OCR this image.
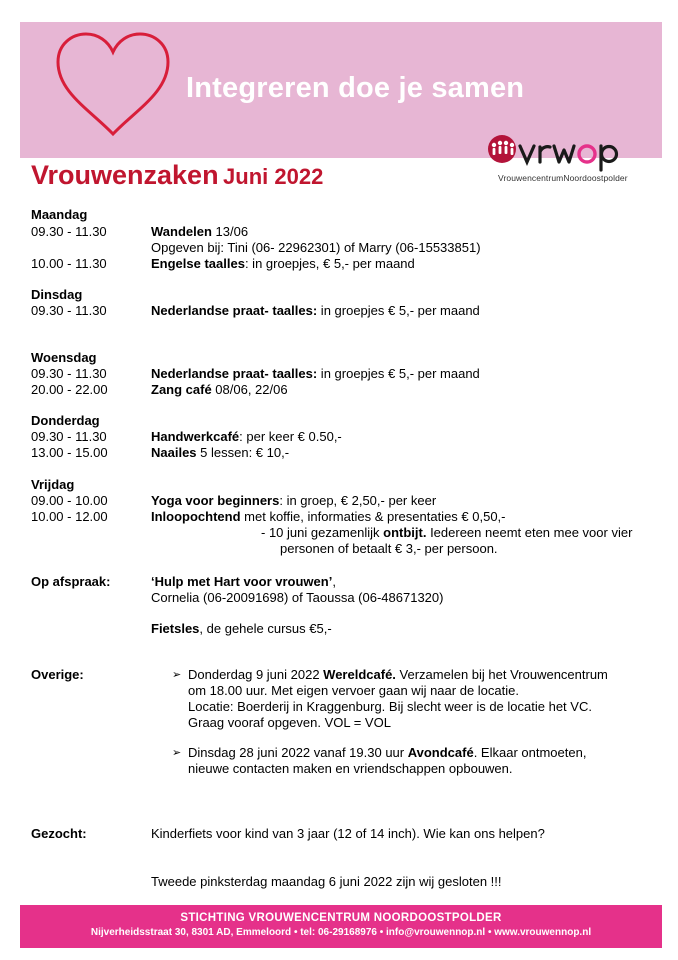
Integreren doe je samen
VrouwencentrumNoordoostpolder
Vrouwenzaken Juni 2022
Maandag
09.30 - 11.30	Wandelen 13/06
Opgeven bij: Tini (06- 22962301) of Marry (06-15533851)
10.00 - 11.30	Engelse taalles: in groepjes, € 5,- per maand
Dinsdag
09.30 - 11.30	Nederlandse praat- taalles: in groepjes € 5,- per maand
Woensdag
09.30 - 11.30	Nederlandse praat- taalles: in groepjes € 5,- per maand
20.00 - 22.00	Zang café 08/06, 22/06
Donderdag
09.30 - 11.30	Handwerkcafé: per keer € 0.50,-
13.00 - 15.00	Naailes 5 lessen: € 10,-
Vrijdag
09.00 - 10.00	Yoga voor beginners: in groep, € 2,50,- per keer
10.00 - 12.00	Inloopochtend met koffie, informaties & presentaties € 0,50,-
- 10 juni gezamenlijk ontbijt. Iedereen neemt eten mee voor vier
personen of betaalt € 3,- per persoon.
Op afspraak:	‘Hulp met Hart voor vrouwen’,
Cornelia (06-20091698) of Taoussa (06-48671320)
Fietsles, de gehele cursus €5,-
Overige:	➢ Donderdag 9 juni 2022 Wereldcafé. Verzamelen bij het Vrouwencentrum
om 18.00 uur. Met eigen vervoer gaan wij naar de locatie.
Locatie: Boerderij in Kraggenburg. Bij slecht weer is de locatie het VC.
Graag vooraf opgeven. VOL = VOL
➢ Dinsdag 28 juni 2022 vanaf 19.30 uur Avondcafé. Elkaar ontmoeten,
nieuwe contacten maken en vriendschappen opbouwen.
Gezocht:	Kinderfiets voor kind van 3 jaar (12 of 14 inch). Wie kan ons helpen?
Tweede pinksterdag maandag 6 juni 2022 zijn wij gesloten !!!
STICHTING VROUWENCENTRUM NOORDOOSTPOLDER
Nijverheidsstraat 30, 8301 AD, Emmeloord • tel: 06-29168976 • info@vrouwennop.nl • www.vrouwennop.nl
